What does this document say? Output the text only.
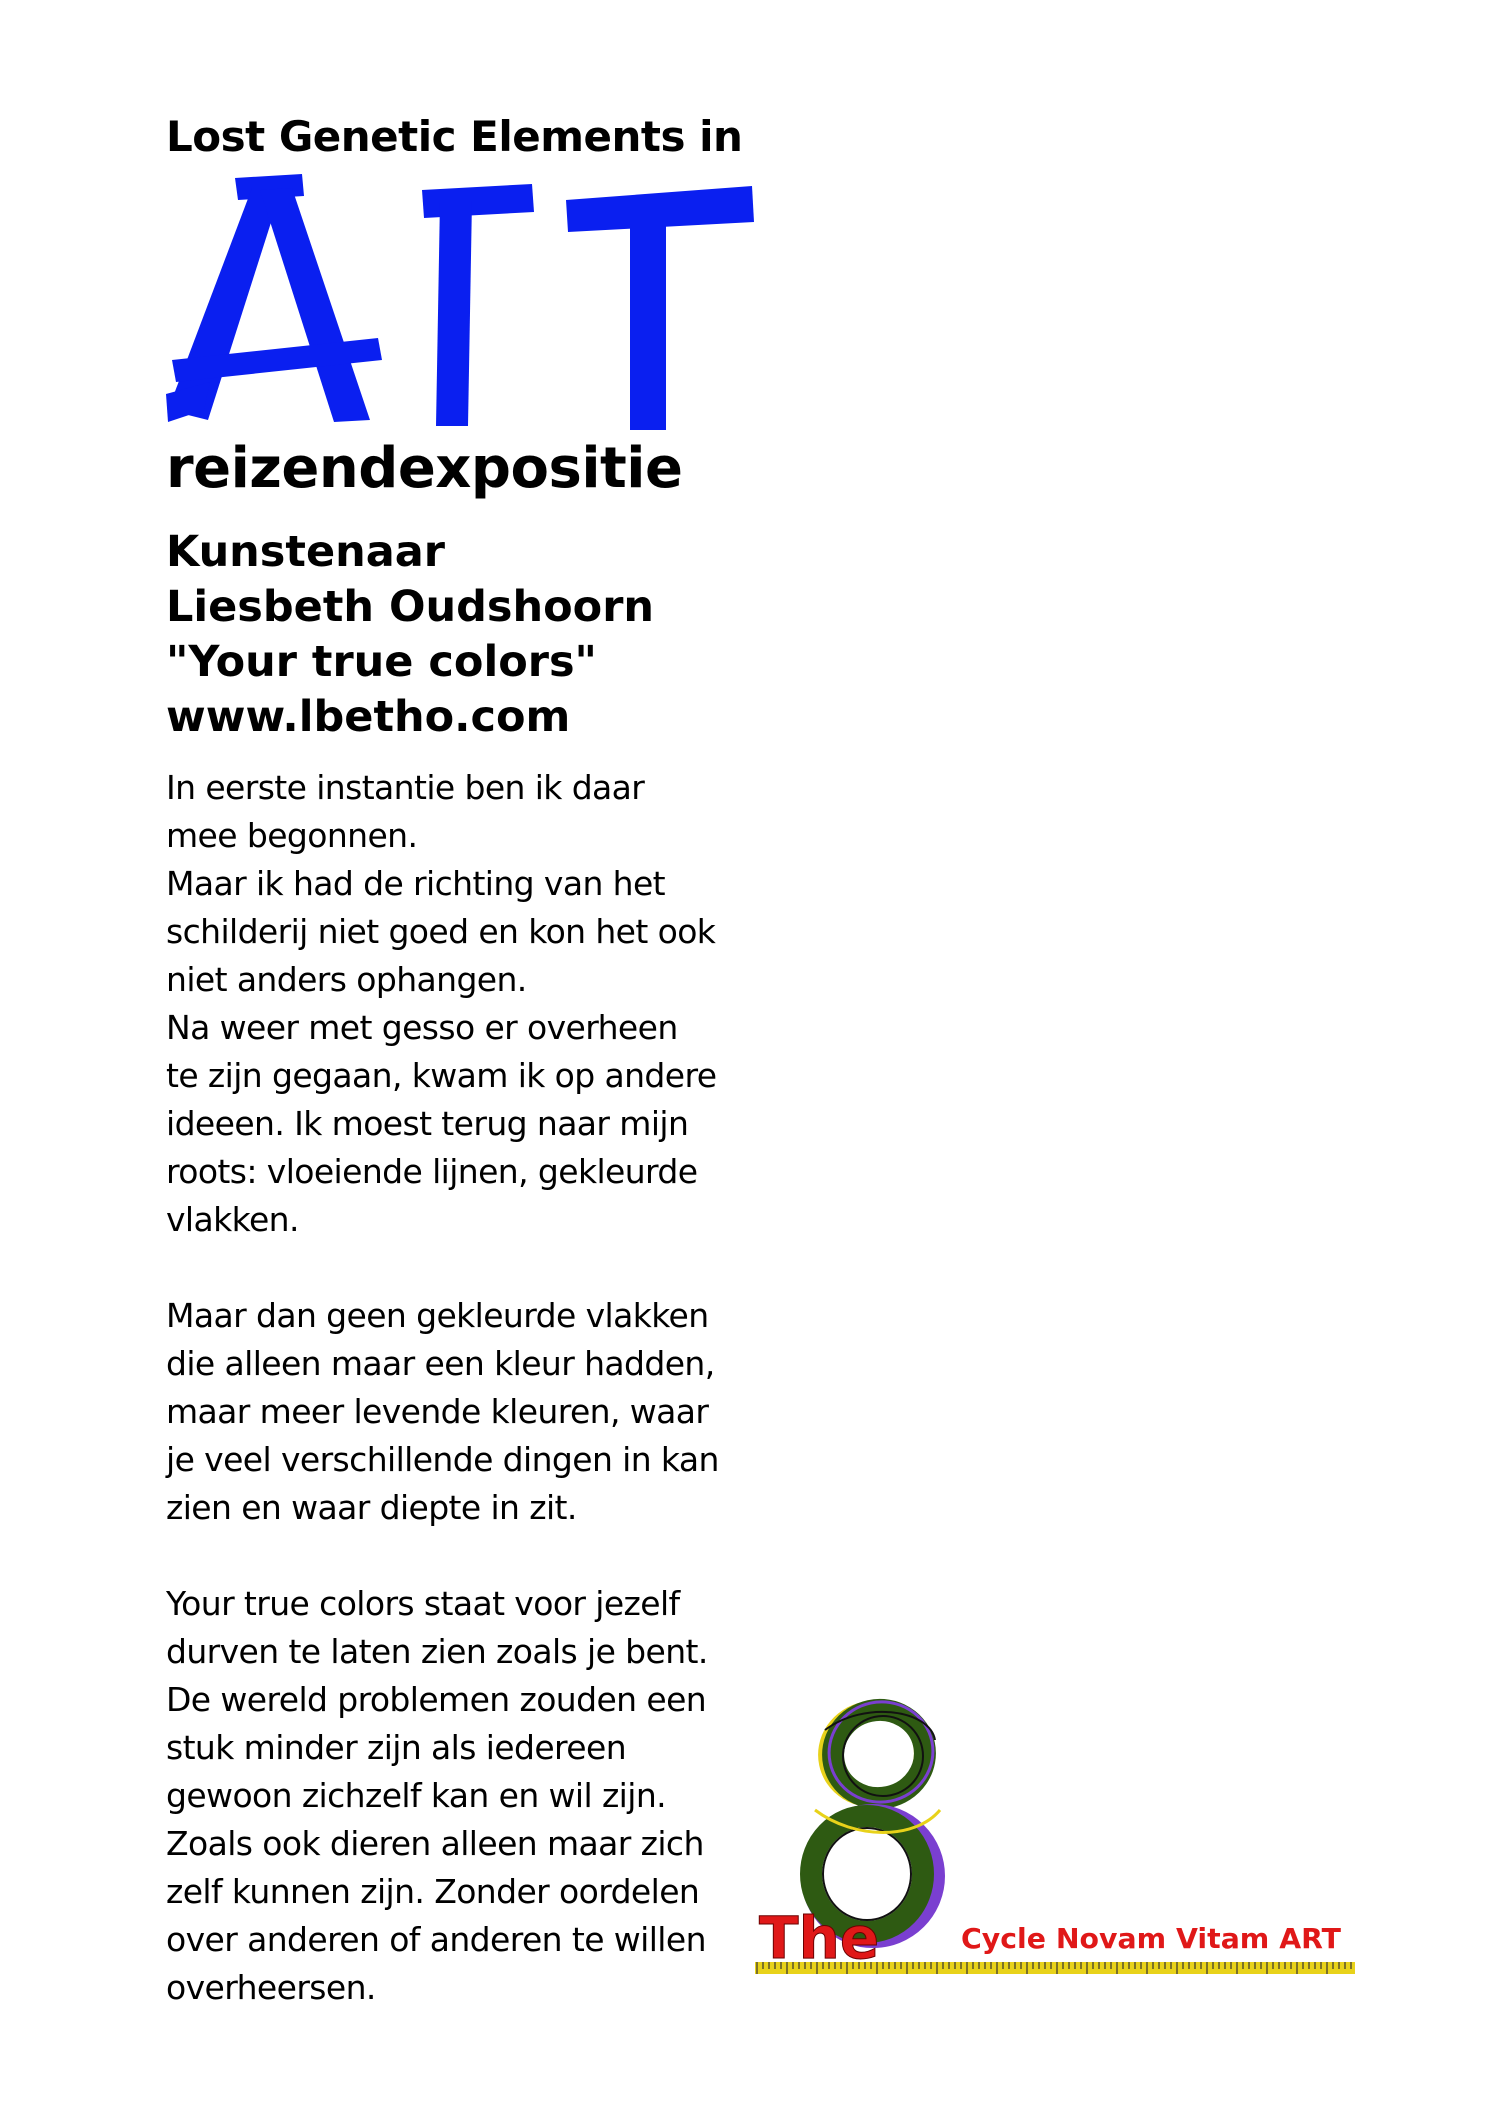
Lost Genetic Elements in
ART
reizendexpositie
Kunstenaar
Liesbeth Oudshoorn
"Your true colors"
www.lbetho.com
In eerste instantie ben ik daar
mee begonnen.
Maar ik had de richting van het
schilderij niet goed en kon het ook
niet anders ophangen.
Na weer met gesso er overheen
te zijn gegaan, kwam ik op andere
ideeen. Ik moest terug naar mijn
roots: vloeiende lijnen, gekleurde
vlakken.
Maar dan geen gekleurde vlakken
die alleen maar een kleur hadden,
maar meer levende kleuren, waar
je veel verschillende dingen in kan
zien en waar diepte in zit.
Your true colors staat voor jezelf
durven te laten zien zoals je bent.
De wereld problemen zouden een
stuk minder zijn als iedereen
gewoon zichzelf kan en wil zijn.
Zoals ook dieren alleen maar zich
zelf kunnen zijn. Zonder oordelen
over anderen of anderen te willen
overheersen.
8
The	Cycle Novam Vitam ART
